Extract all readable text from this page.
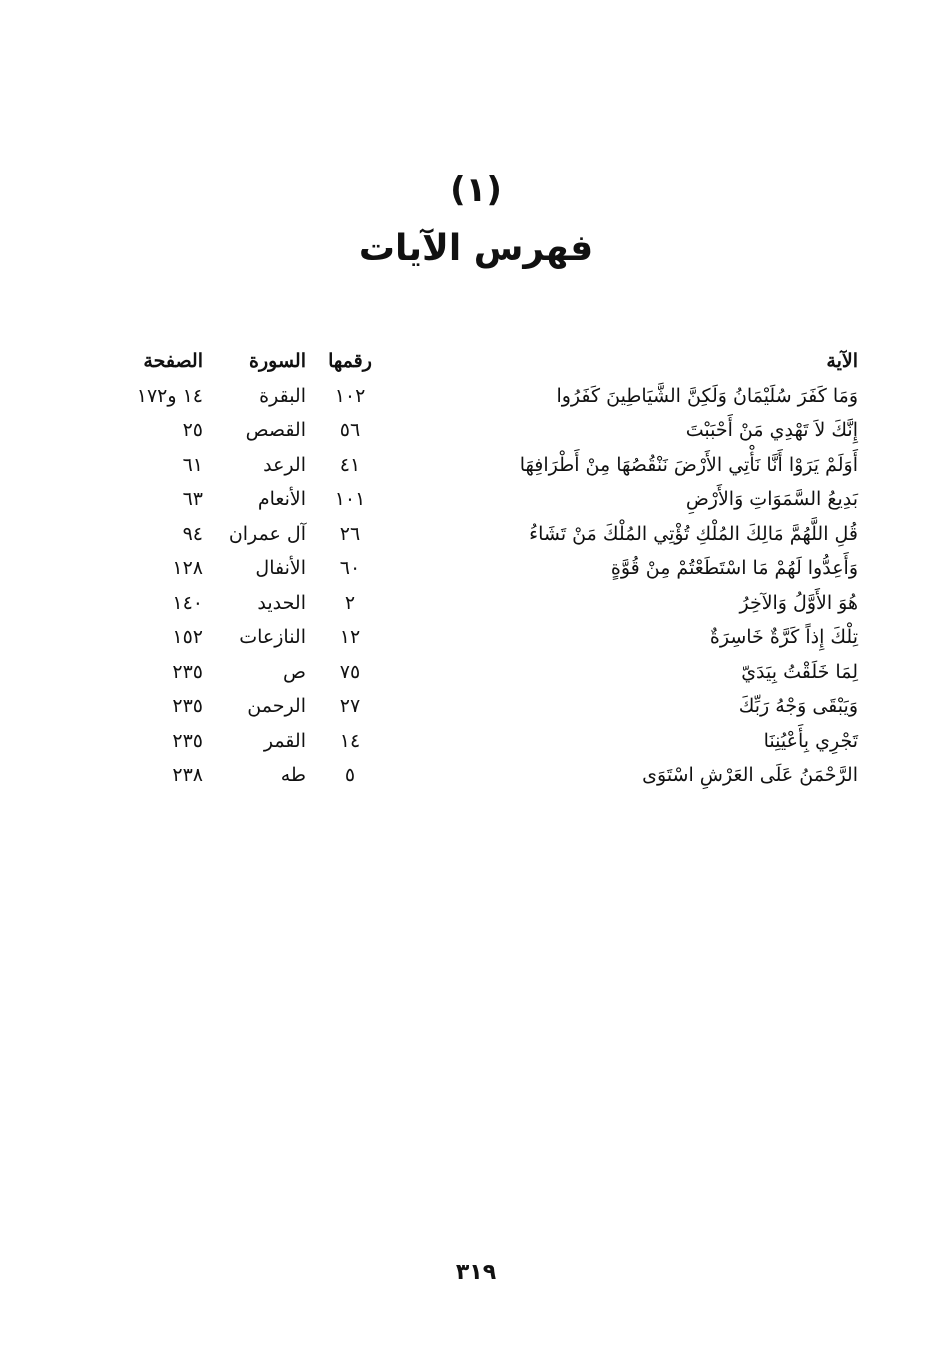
(١)
فهرس الآيات
الآية
رقمها
السورة
الصفحة
وَمَا كَفَرَ سُلَيْمَانُ وَلَكِنَّ الشَّيَاطِينَ كَفَرُوا
١٠٢
البقرة
١٤ و١٧٢
إِنَّكَ لاَ تَهْدِي مَنْ أَحْبَبْتَ
٥٦
القصص
٢٥
أَوَلَمْ يَرَوْا أَنَّا نَأْتِي الأَرْضَ نَنْقُصُهَا مِنْ أَطْرَافِهَا
٤١
الرعد
٦١
بَدِيعُ السَّمَوَاتِ وَالأَرْضِ
١٠١
الأنعام
٦٣
قُلِ اللَّهُمَّ مَالِكَ المُلْكِ تُؤْتِي المُلْكَ مَنْ تَشَاءُ
٢٦
آل عمران
٩٤
وَأَعِدُّوا لَهُمْ مَا اسْتَطَعْتُمْ مِنْ قُوَّةٍ
٦٠
الأنفال
١٢٨
هُوَ الأَوَّلُ وَالآخِرُ
٢
الحديد
١٤٠
تِلْكَ إِذاً كَرَّةٌ خَاسِرَةٌ
١٢
النازعات
١٥٢
لِمَا خَلَقْتُ بِيَدَيّ
٧٥
ص
٢٣٥
وَيَبْقَى وَجْهُ رَبِّكَ
٢٧
الرحمن
٢٣٥
تَجْرِي بِأَعْيُنِنَا
١٤
القمر
٢٣٥
الرَّحْمَنُ عَلَى العَرْشِ اسْتَوَى
٥
طه
٢٣٨
٣١٩
